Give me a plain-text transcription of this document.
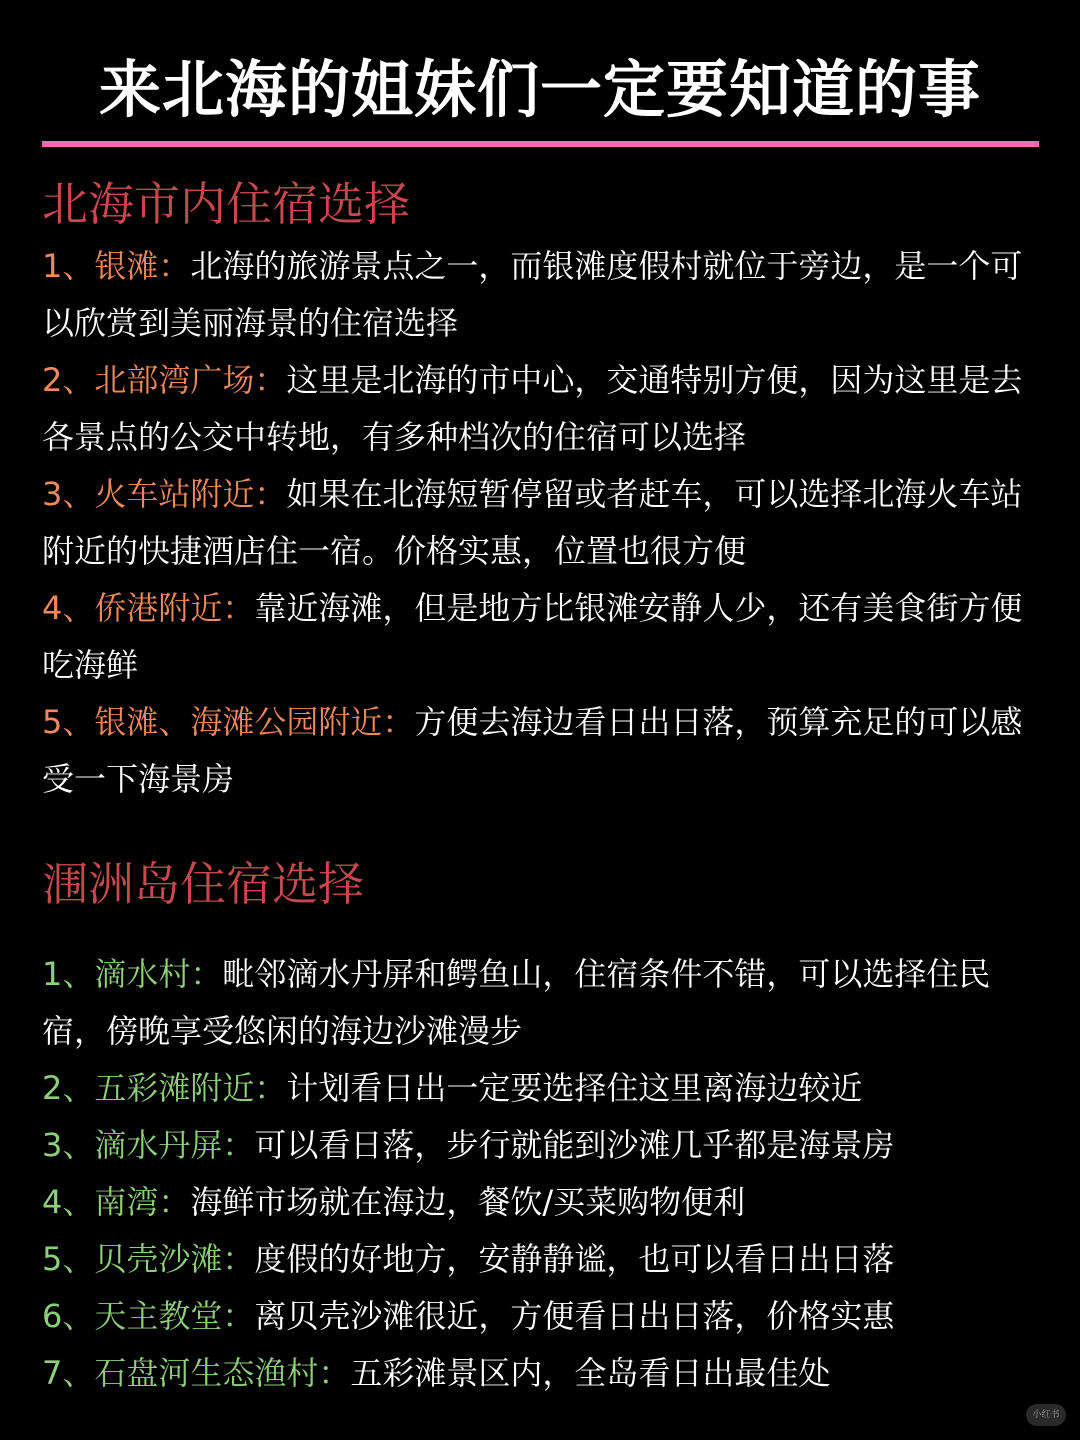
来北海的姐妹们一定要知道的事
北海市内住宿选择
1、银滩：北海的旅游景点之一，而银滩度假村就位于旁边，是一个可以欣赏到美丽海景的住宿选择
2、北部湾广场：这里是北海的市中心，交通特别方便，因为这里是去各景点的公交中转地，有多种档次的住宿可以选择
3、火车站附近：如果在北海短暂停留或者赶车，可以选择北海火车站附近的快捷酒店住一宿。价格实惠，位置也很方便
4、侨港附近：靠近海滩，但是地方比银滩安静人少，还有美食街方便吃海鲜
5、银滩、海滩公园附近：方便去海边看日出日落，预算充足的可以感受一下海景房
涠洲岛住宿选择
1、滴水村：毗邻滴水丹屏和鳄鱼山，住宿条件不错，可以选择住民宿，傍晚享受悠闲的海边沙滩漫步
2、五彩滩附近：计划看日出一定要选择住这里离海边较近
3、滴水丹屏：可以看日落，步行就能到沙滩几乎都是海景房
4、南湾：海鲜市场就在海边，餐饮/买菜购物便利
5、贝壳沙滩：度假的好地方，安静静谧，也可以看日出日落
6、天主教堂：离贝壳沙滩很近，方便看日出日落，价格实惠
7、石盘河生态渔村：五彩滩景区内，全岛看日出最佳处
小红书
